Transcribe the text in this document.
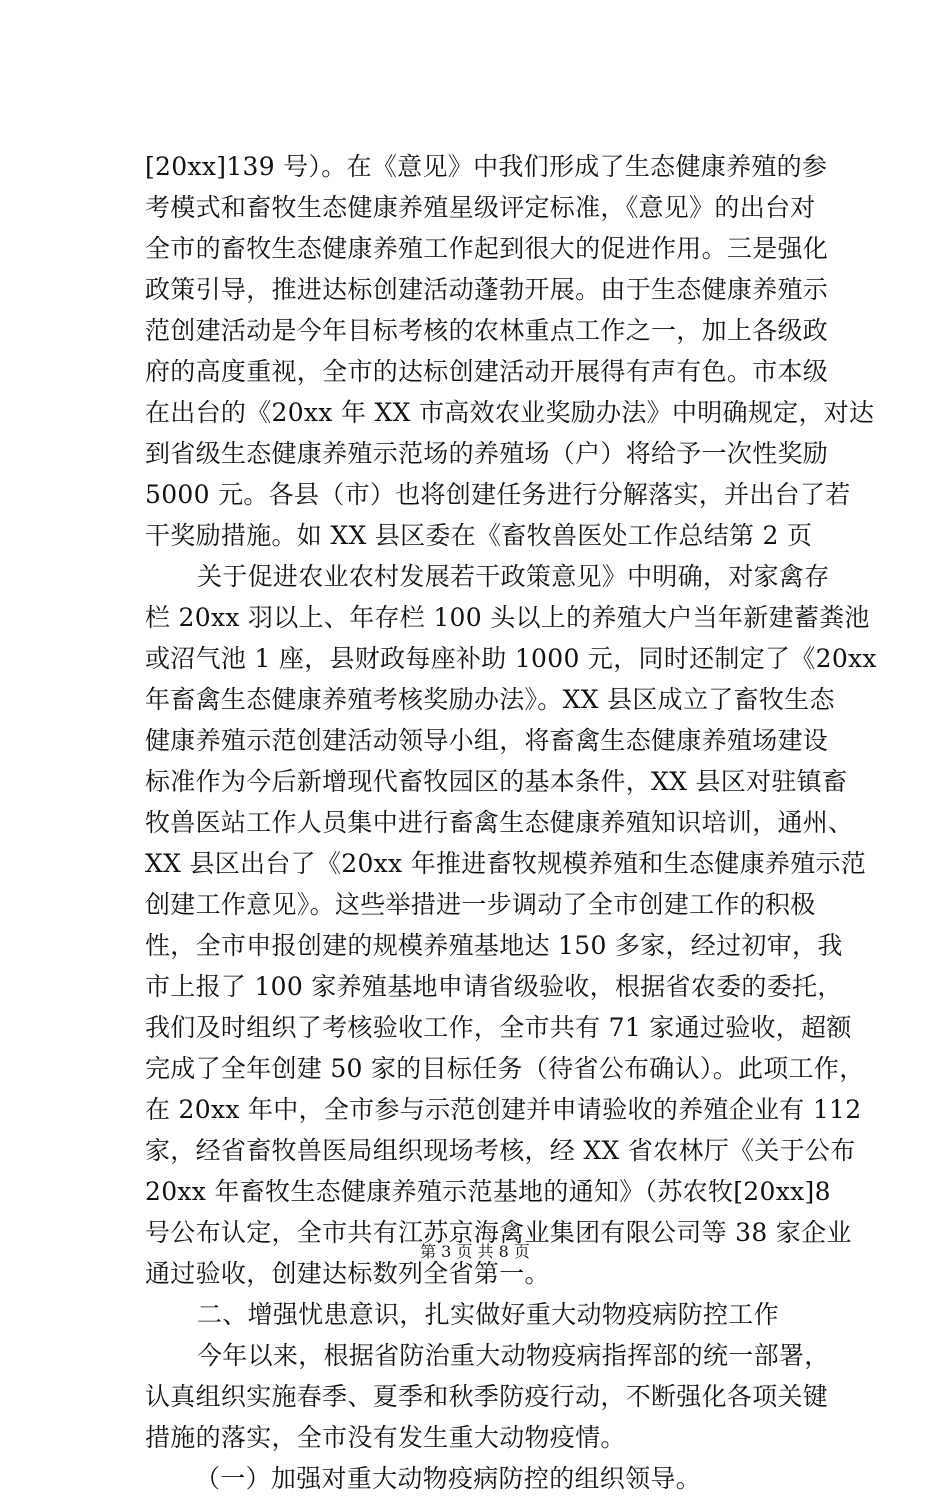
[20xx]139 号）。在《意见》中我们形成了生态健康养殖的参
考模式和畜牧生态健康养殖星级评定标准，《意见》的出台对
全市的畜牧生态健康养殖工作起到很大的促进作用。三是强化
政策引导，推进达标创建活动蓬勃开展。由于生态健康养殖示
范创建活动是今年目标考核的农林重点工作之一，加上各级政
府的高度重视，全市的达标创建活动开展得有声有色。市本级
在出台的《20xx 年 XX 市高效农业奖励办法》中明确规定，对达
到省级生态健康养殖示范场的养殖场（户）将给予一次性奖励
5000 元。各县（市）也将创建任务进行分解落实，并出台了若
干奖励措施。如 XX 县区委在《畜牧兽医处工作总结第 2 页
关于促进农业农村发展若干政策意见》中明确，对家禽存
栏 20xx 羽以上、年存栏 100 头以上的养殖大户当年新建蓄粪池
或沼气池 1 座，县财政每座补助 1000 元，同时还制定了《20xx
年畜禽生态健康养殖考核奖励办法》。XX 县区成立了畜牧生态
健康养殖示范创建活动领导小组，将畜禽生态健康养殖场建设
标准作为今后新增现代畜牧园区的基本条件，XX 县区对驻镇畜
牧兽医站工作人员集中进行畜禽生态健康养殖知识培训，通州、
XX 县区出台了《20xx 年推进畜牧规模养殖和生态健康养殖示范
创建工作意见》。这些举措进一步调动了全市创建工作的积极
性，全市申报创建的规模养殖基地达 150 多家，经过初审，我
市上报了 100 家养殖基地申请省级验收，根据省农委的委托，
我们及时组织了考核验收工作，全市共有 71 家通过验收，超额
完成了全年创建 50 家的目标任务（待省公布确认）。此项工作，
在 20xx 年中，全市参与示范创建并申请验收的养殖企业有 112
家，经省畜牧兽医局组织现场考核，经 XX 省农林厅《关于公布
20xx 年畜牧生态健康养殖示范基地的通知》（苏农牧[20xx]8
号公布认定，全市共有江苏京海禽业集团有限公司等 38 家企业
通过验收，创建达标数列全省第一。
二、增强忧患意识，扎实做好重大动物疫病防控工作
今年以来，根据省防治重大动物疫病指挥部的统一部署，
认真组织实施春季、夏季和秋季防疫行动，不断强化各项关键
措施的落实，全市没有发生重大动物疫情。
（一）加强对重大动物疫病防控的组织领导。
第 3 页 共 8 页
